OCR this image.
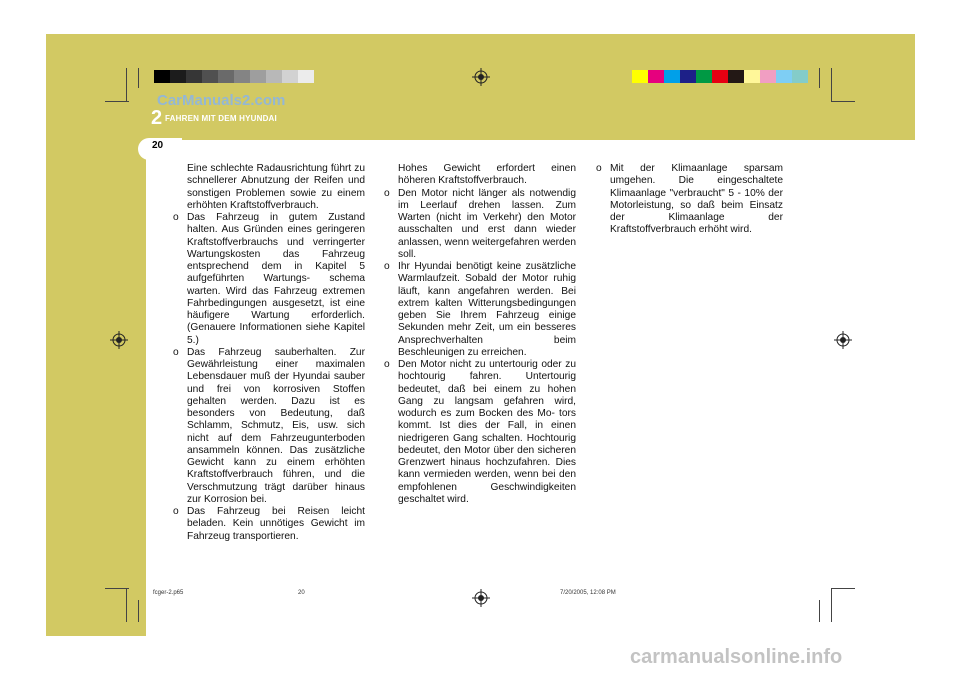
CarManuals2.com
2 FAHREN MIT DEM HYUNDAI
20

Eine schlechte Radausrichtung führt zu schnellerer Abnutzung der Reifen und sonstigen Problemen sowie zu einem erhöhten Kraftstoffverbrauch.

o Das Fahrzeug in gutem Zustand halten. Aus Gründen eines geringeren Kraftstoffverbrauchs und verringerter Wartungskosten das Fahrzeug entsprechend dem in Kapitel 5 aufgeführten Wartungs- schema warten. Wird das Fahrzeug extremen Fahrbedingungen ausgesetzt, ist eine häufigere Wartung erforderlich. (Genauere Informationen siehe Kapitel 5.)
o Das Fahrzeug sauberhalten. Zur Gewährleistung einer maximalen Lebensdauer muß der Hyundai sauber und frei von korrosiven Stoffen gehalten werden. Dazu ist es besonders von Bedeutung, daß Schlamm, Schmutz, Eis, usw. sich nicht auf dem Fahrzeugunterboden ansammeln können. Das zusätzliche Gewicht kann zu einem erhöhten Kraftstoffverbrauch führen, und die Verschmutzung trägt darüber hinaus zur Korrosion bei.
o Das Fahrzeug bei Reisen leicht beladen. Kein unnötiges Gewicht im Fahrzeug transportieren.

Hohes Gewicht erfordert einen höheren Kraftstoffverbrauch.

o Den Motor nicht länger als notwendig im Leerlauf drehen lassen. Zum Warten (nicht im Verkehr) den Motor ausschalten und erst dann wieder anlassen, wenn weitergefahren werden soll.
o Ihr Hyundai benötigt keine zusätzliche Warmlaufzeit. Sobald der Motor ruhig läuft, kann angefahren werden. Bei extrem kalten Witterungsbedingungen geben Sie Ihrem Fahrzeug einige Sekunden mehr Zeit, um ein besseres Ansprechverhalten beim Beschleunigen zu erreichen.
o Den Motor nicht zu untertourig oder zu hochtourig fahren. Untertourig bedeutet, daß bei einem zu hohen Gang zu langsam gefahren wird, wodurch es zum Bocken des Mo- tors kommt. Ist dies der Fall, in einen niedrigeren Gang schalten. Hochtourig bedeutet, den Motor über den sicheren Grenzwert hinaus hochzufahren. Dies kann vermieden werden, wenn bei den empfohlenen Geschwindigkeiten geschaltet wird.
o Mit der Klimaanlage sparsam umgehen. Die eingeschaltete Klimaanlage "verbraucht" 5 - 10% der Motorleistung, so daß beim Einsatz der Klimaanlage der Kraftstoffverbrauch erhöht wird.
fcger-2.p65	20	7/20/2005, 12:08 PM
carmanualsonline.info
